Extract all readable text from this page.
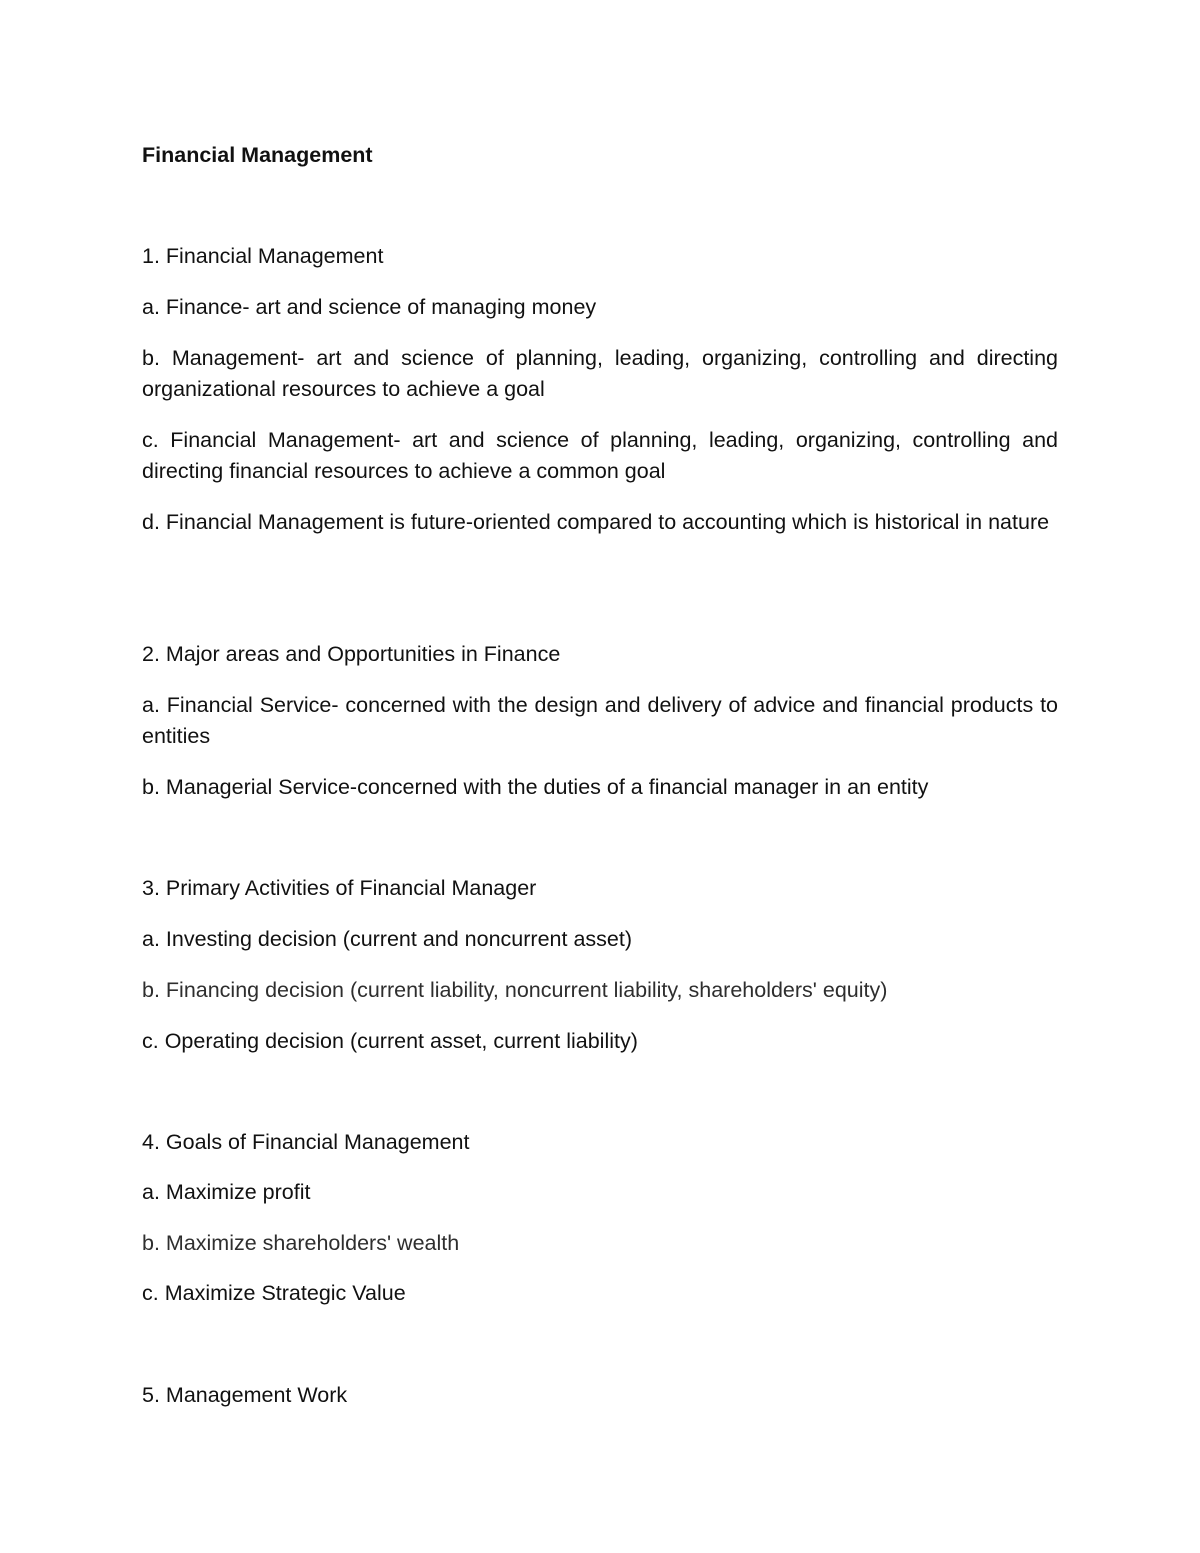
Financial Management

1. Financial Management

a. Finance- art and science of managing money

b. Management- art and science of planning, leading, organizing, controlling and directing organizational resources to achieve a goal

c. Financial Management- art and science of planning, leading, organizing, controlling and directing financial resources to achieve a common goal

d. Financial Management is future-oriented compared to accounting which is historical in nature

2. Major areas and Opportunities in Finance

a. Financial Service- concerned with the design and delivery of advice and financial products to entities

b. Managerial Service-concerned with the duties of a financial manager in an entity

3. Primary Activities of Financial Manager

a. Investing decision (current and noncurrent asset)

b. Financing decision (current liability, noncurrent liability, shareholders' equity)

c. Operating decision (current asset, current liability)

4. Goals of Financial Management

a. Maximize profit

b. Maximize shareholders' wealth

c. Maximize Strategic Value

5. Management Work
